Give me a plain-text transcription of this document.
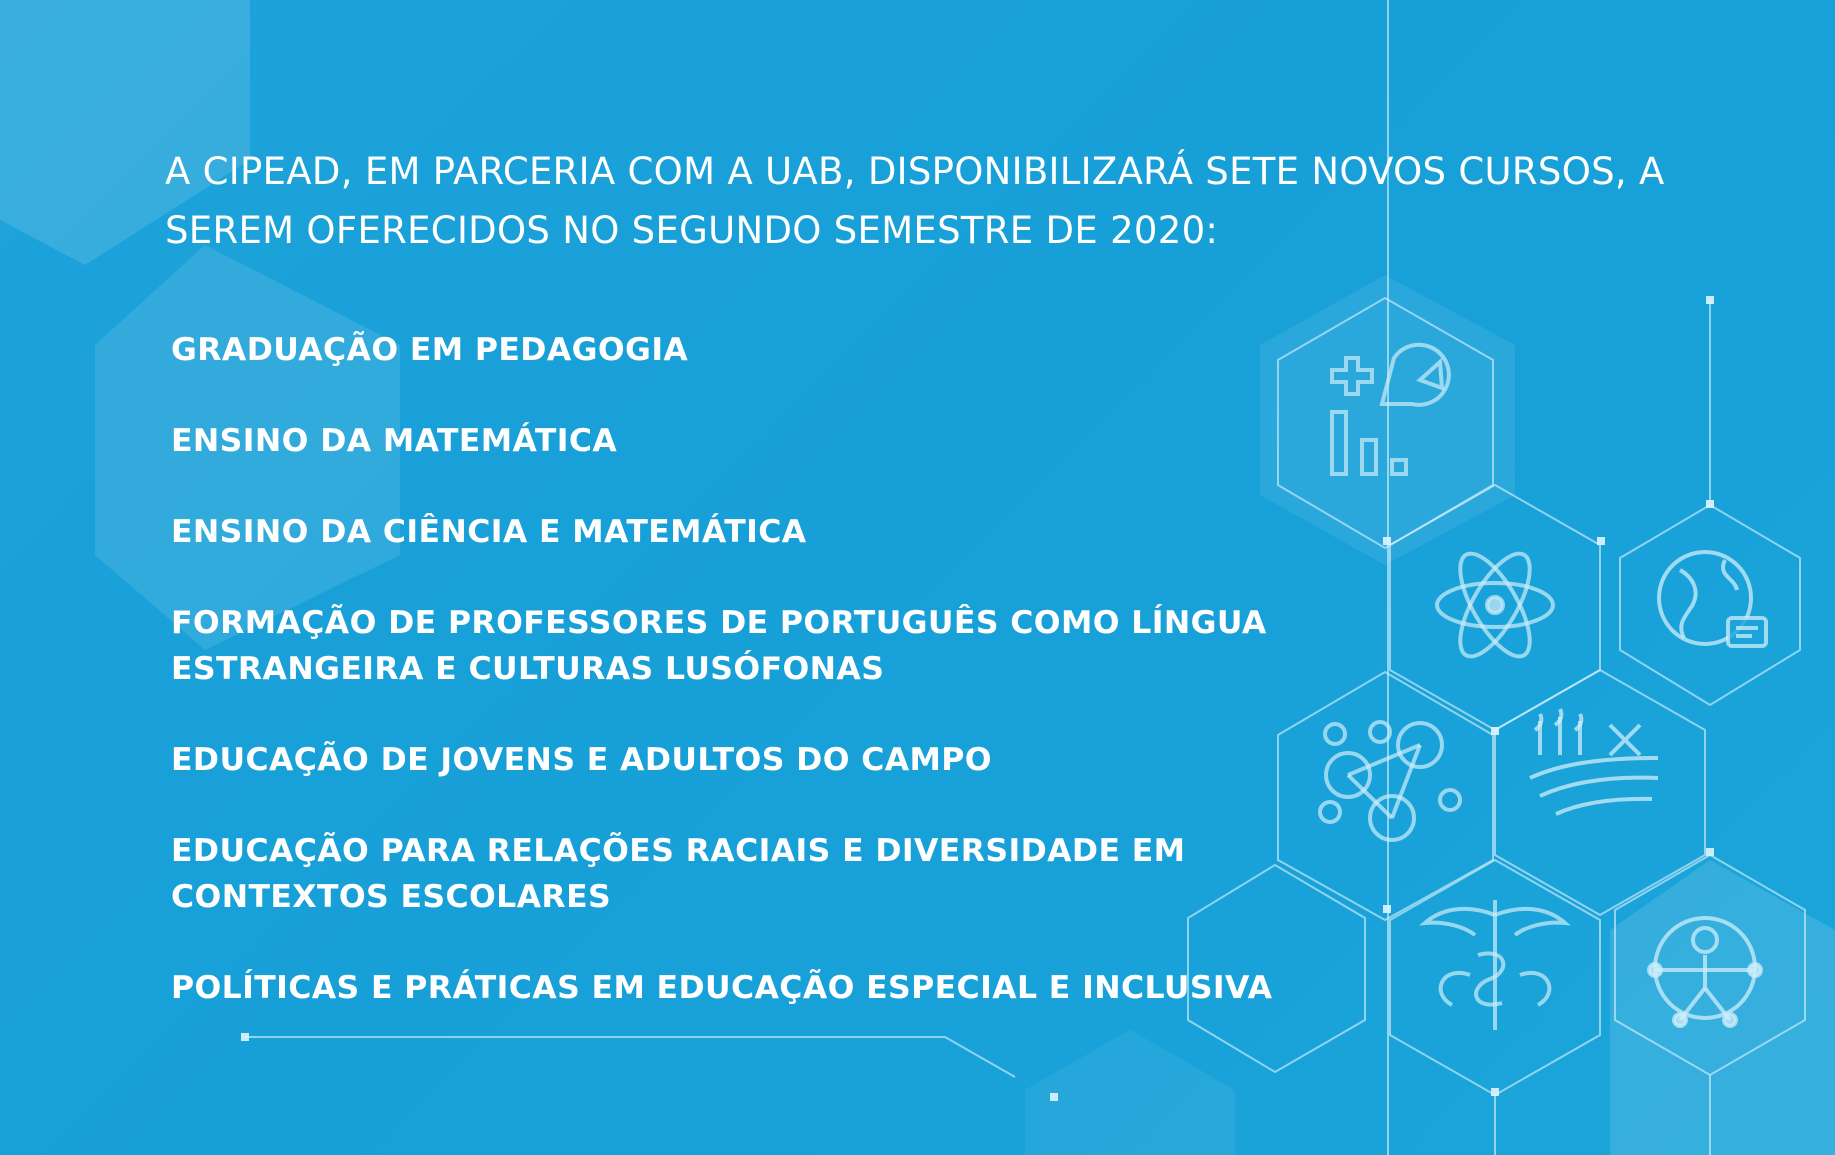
A CIPEAD, EM PARCERIA COM A UAB, DISPONIBILIZARÁ SETE NOVOS CURSOS, A
SEREM OFERECIDOS NO SEGUNDO SEMESTRE DE 2020:
GRADUAÇÃO EM PEDAGOGIA
ENSINO DA MATEMÁTICA
ENSINO DA CIÊNCIA E MATEMÁTICA
FORMAÇÃO DE PROFESSORES DE PORTUGUÊS COMO LÍNGUA ESTRANGEIRA E CULTURAS LUSÓFONAS
EDUCAÇÃO DE JOVENS E ADULTOS DO CAMPO
EDUCAÇÃO PARA RELAÇÕES RACIAIS E DIVERSIDADE EM CONTEXTOS ESCOLARES
POLÍTICAS E PRÁTICAS EM EDUCAÇÃO ESPECIAL E INCLUSIVA
